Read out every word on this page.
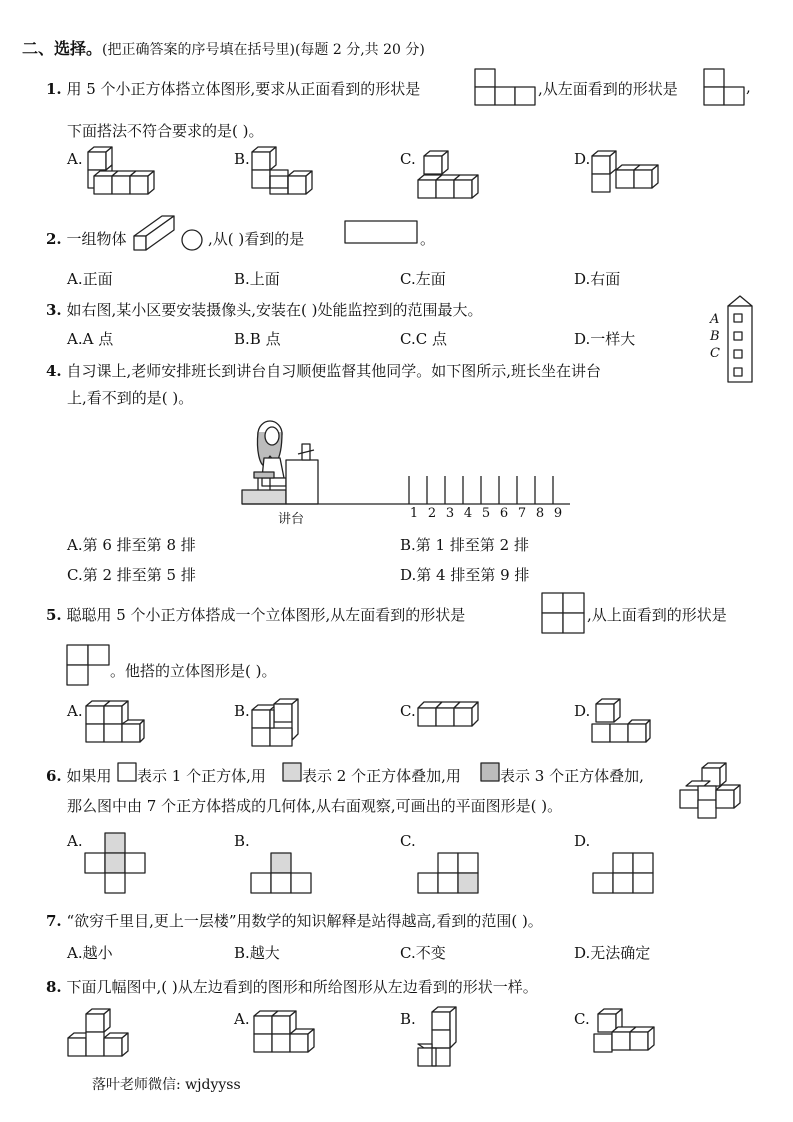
二、选择。(把正确答案的序号填在括号里)(每题 2 分,共 20 分)
1. 用 5 个小正方体搭立体图形,要求从正面看到的形状是	,从左面看到的形状是	,
下面搭法不符合要求的是( )。
A.	B.	C.	D.
2. 一组物体	,从( )看到的是	。
A.正面	B.上面	C.左面	D.右面
3. 如右图,某小区要安装摄像头,安装在( )处能监控到的范围最大。
A.A 点	B.B 点	C.C 点	D.一样大
A
B
C
4. 自习课上,老师安排班长到讲台自习顺便监督其他同学。如下图所示,班长坐在讲台
上,看不到的是( )。
讲台	1 2 3 4 5 6 7 8 9
A.第 6 排至第 8 排	B.第 1 排至第 2 排
C.第 2 排至第 5 排	D.第 4 排至第 9 排
5. 聪聪用 5 个小正方体搭成一个立体图形,从左面看到的形状是	,从上面看到的形状是
。他搭的立体图形是( )。
A.	B.	C.	D.
6. 如果用 表示 1 个正方体,用 表示 2 个正方体叠加,用	表示 3 个正方体叠加,
那么图中由 7 个正方体搭成的几何体,从右面观察,可画出的平面图形是( )。
A.	B.	C.	D.
7. “欲穷千里目,更上一层楼”用数学的知识解释是站得越高,看到的范围( )。
A.越小	B.越大	C.不变	D.无法确定
8. 下面几幅图中,( )从左边看到的图形和所给图形从左边看到的形状一样。
A.	B.	C.
落叶老师微信: wjdyyss
